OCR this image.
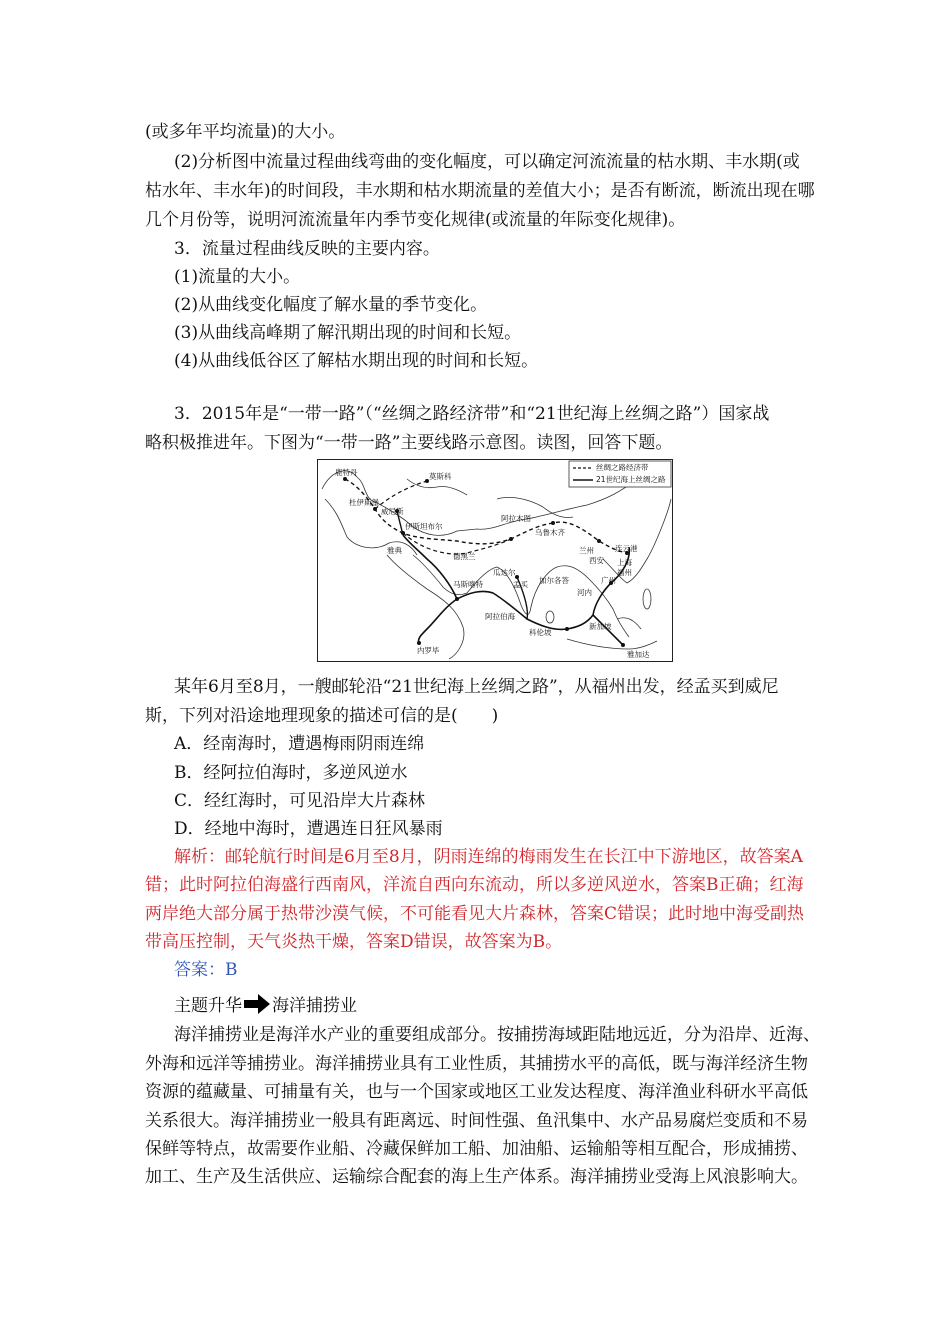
(或多年平均流量)的大小。
(2)分析图中流量过程曲线弯曲的变化幅度，可以确定河流流量的枯水期、丰水期(或
枯水年、丰水年)的时间段，丰水期和枯水期流量的差值大小；是否有断流，断流出现在哪
几个月份等，说明河流流量年内季节变化规律(或流量的年际变化规律)。
3．流量过程曲线反映的主要内容。
(1)流量的大小。
(2)从曲线变化幅度了解水量的季节变化。
(3)从曲线高峰期了解汛期出现的时间和长短。
(4)从曲线低谷区了解枯水期出现的时间和长短。
3．2015年是“一带一路”（“丝绸之路经济带”和“21世纪海上丝绸之路”）国家战
略积极推进年。下图为“一带一路”主要线路示意图。读图，回答下题。
丝绸之路经济带
21世纪海上丝绸之路
鹿特丹	莫斯科
杜伊斯堡
威尼斯
伊斯坦布尔
阿拉木图
乌鲁木齐
兰州
西安
连云港
上海
福州
广州
雅典
德黑兰
瓜达尔
马斯喀特	孟买 加尔各答
河内
科伦坡
阿拉伯海
新加坡
内罗毕	雅加达
某年6月至8月，一艘邮轮沿“21世纪海上丝绸之路”，从福州出发，经孟买到威尼
斯，下列对沿途地理现象的描述可信的是(　　)
A．经南海时，遭遇梅雨阴雨连绵
B．经阿拉伯海时，多逆风逆水
C．经红海时，可见沿岸大片森林
D．经地中海时，遭遇连日狂风暴雨
解析：邮轮航行时间是6月至8月，阴雨连绵的梅雨发生在长江中下游地区，故答案A
错；此时阿拉伯海盛行西南风，洋流自西向东流动，所以多逆风逆水，答案B正确；红海
两岸绝大部分属于热带沙漠气候，不可能看见大片森林，答案C错误；此时地中海受副热
带高压控制，天气炎热干燥，答案D错误，故答案为B。
答案：B
主题升华 海洋捕捞业
海洋捕捞业是海洋水产业的重要组成部分。按捕捞海域距陆地远近，分为沿岸、近海、
外海和远洋等捕捞业。海洋捕捞业具有工业性质，其捕捞水平的高低，既与海洋经济生物
资源的蕴藏量、可捕量有关，也与一个国家或地区工业发达程度、海洋渔业科研水平高低
关系很大。海洋捕捞业一般具有距离远、时间性强、鱼汛集中、水产品易腐烂变质和不易
保鲜等特点，故需要作业船、冷藏保鲜加工船、加油船、运输船等相互配合，形成捕捞、
加工、生产及生活供应、运输综合配套的海上生产体系。海洋捕捞业受海上风浪影响大。
